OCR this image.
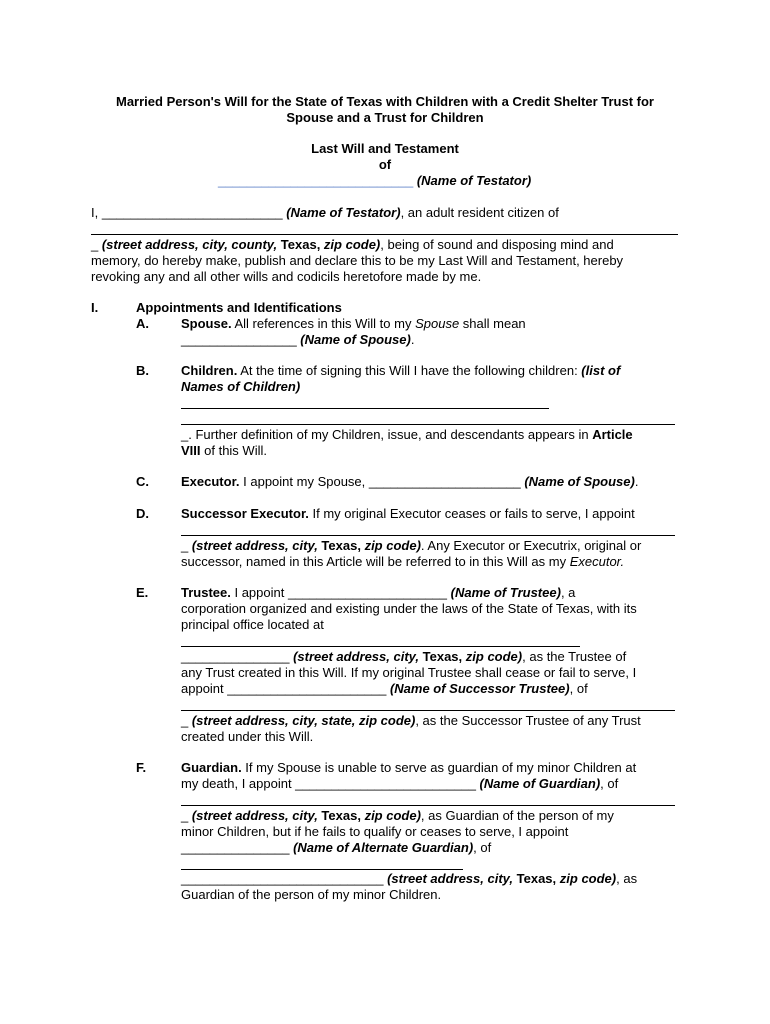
Married Person's Will for the State of Texas with Children with a Credit Shelter Trust for
Spouse and a Trust for Children
Last Will and Testament
of
___________________________ (Name of Testator)
I, _________________________ (Name of Testator), an adult resident citizen of
_ (street address, city, county, Texas, zip code), being of sound and disposing mind and
memory, do hereby make, publish and declare this to be my Last Will and Testament, hereby
revoking any and all other wills and codicils heretofore made by me.
I.	Appointments and Identifications
A. Spouse. All references in this Will to my Spouse shall mean
________________ (Name of Spouse).
B. Children. At the time of signing this Will I have the following children: (list of
Names of Children)
_. Further definition of my Children, issue, and descendants appears in Article
VIII of this Will.
C. Executor. I appoint my Spouse, _____________________ (Name of Spouse).
D. Successor Executor. If my original Executor ceases or fails to serve, I appoint
_ (street address, city, Texas, zip code). Any Executor or Executrix, original or
successor, named in this Article will be referred to in this Will as my Executor.
E.	Trustee. I appoint ______________________ (Name of Trustee), a
corporation organized and existing under the laws of the State of Texas, with its
principal office located at
_______________ (street address, city, Texas, zip code), as the Trustee of
any Trust created in this Will. If my original Trustee shall cease or fail to serve, I
appoint ______________________ (Name of Successor Trustee), of
_ (street address, city, state, zip code), as the Successor Trustee of any Trust
created under this Will.
F.	Guardian. If my Spouse is unable to serve as guardian of my minor Children at
my death, I appoint _________________________ (Name of Guardian), of
_ (street address, city, Texas, zip code), as Guardian of the person of my
minor Children, but if he fails to qualify or ceases to serve, I appoint
_______________ (Name of Alternate Guardian), of
____________________________ (street address, city, Texas, zip code), as
Guardian of the person of my minor Children.
